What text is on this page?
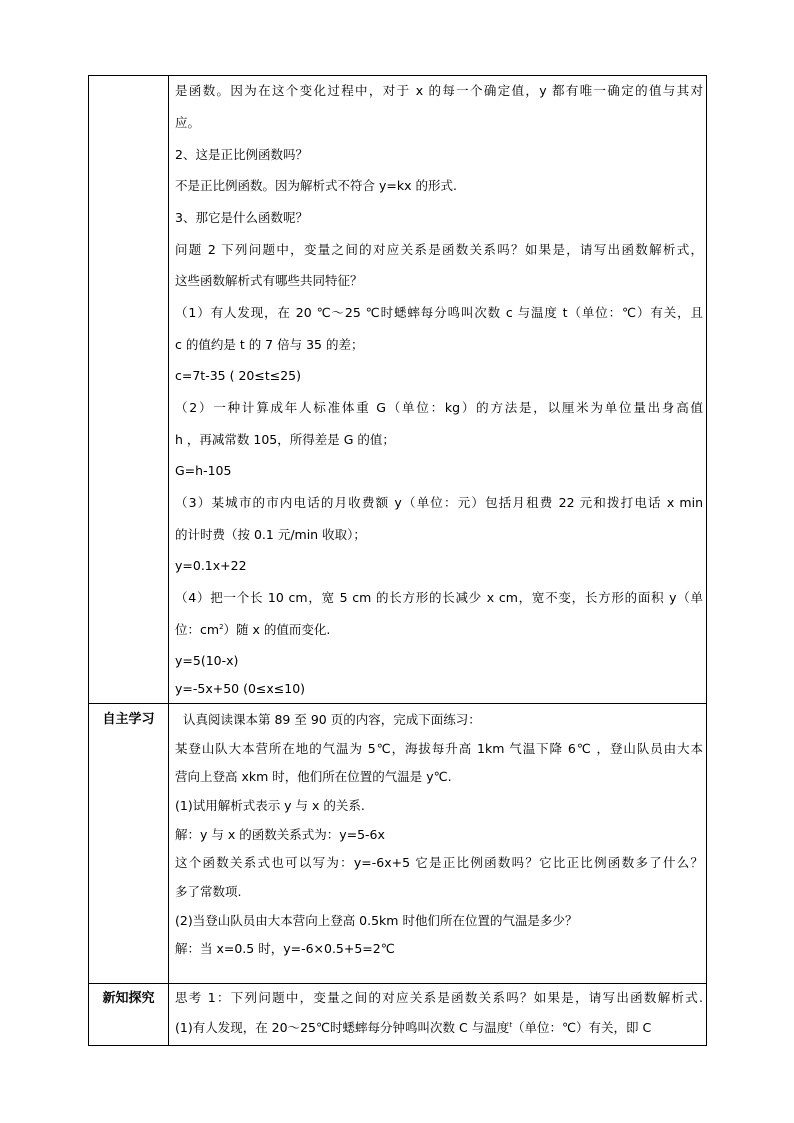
是函数。因为在这个变化过程中，对于 x 的每一个确定值，y 都有唯一确定的值与其对
应。
2、这是正比例函数吗？
不是正比例函数。因为解析式不符合 y=kx 的形式.
3、那它是什么函数呢？
问题 2 下列问题中，变量之间的对应关系是函数关系吗？如果是，请写出函数解析式，
这些函数解析式有哪些共同特征？
（1）有人发现，在 20 ℃～25 ℃时蟋蟀每分鸣叫次数 c 与温度 t（单位：℃）有关，且
c 的值约是 t 的 7 倍与 35 的差；
c=7t-35 ( 20≤t≤25)
（2）一种计算成年人标准体重 G（单位：kg）的方法是，以厘米为单位量出身高值
h ，再减常数 105，所得差是 G 的值；
G=h-105
（3）某城市的市内电话的月收费额 y（单位：元）包括月租费 22 元和拨打电话 x min
的计时费（按 0.1 元/min 收取）；
y=0.1x+22
（4）把一个长 10 cm，宽 5 cm 的长方形的长减少 x cm，宽不变，长方形的面积 y（单
位：$cm^2$）随 x 的值而变化.
y=5(10-x)
y=-5x+50 (0≤x≤10)
自主学习	认真阅读课本第 89 至 90 页的内容，完成下面练习：
某登山队大本营所在地的气温为 5℃，海拔每升高 1km 气温下降 6℃ ，登山队员由大本
营向上登高 xkm 时，他们所在位置的气温是 y℃.
(1)试用解析式表示 y 与 x 的关系.
解：y 与 x 的函数关系式为：y=5-6x
这个函数关系式也可以写为：y=-6x+5 它是正比例函数吗？它比正比例函数多了什么？
多了常数项.
(2)当登山队员由大本营向上登高 0.5km 时他们所在位置的气温是多少？
解：当 x=0.5 时，y=-6×0.5+5=2℃
新知探究	思考 1：下列问题中，变量之间的对应关系是函数关系吗？如果是，请写出函数解析式.
(1)有人发现，在 20～25℃时蟋蟀每分钟鸣叫次数 C 与温度$^t$（单位：℃）有关，即 C
